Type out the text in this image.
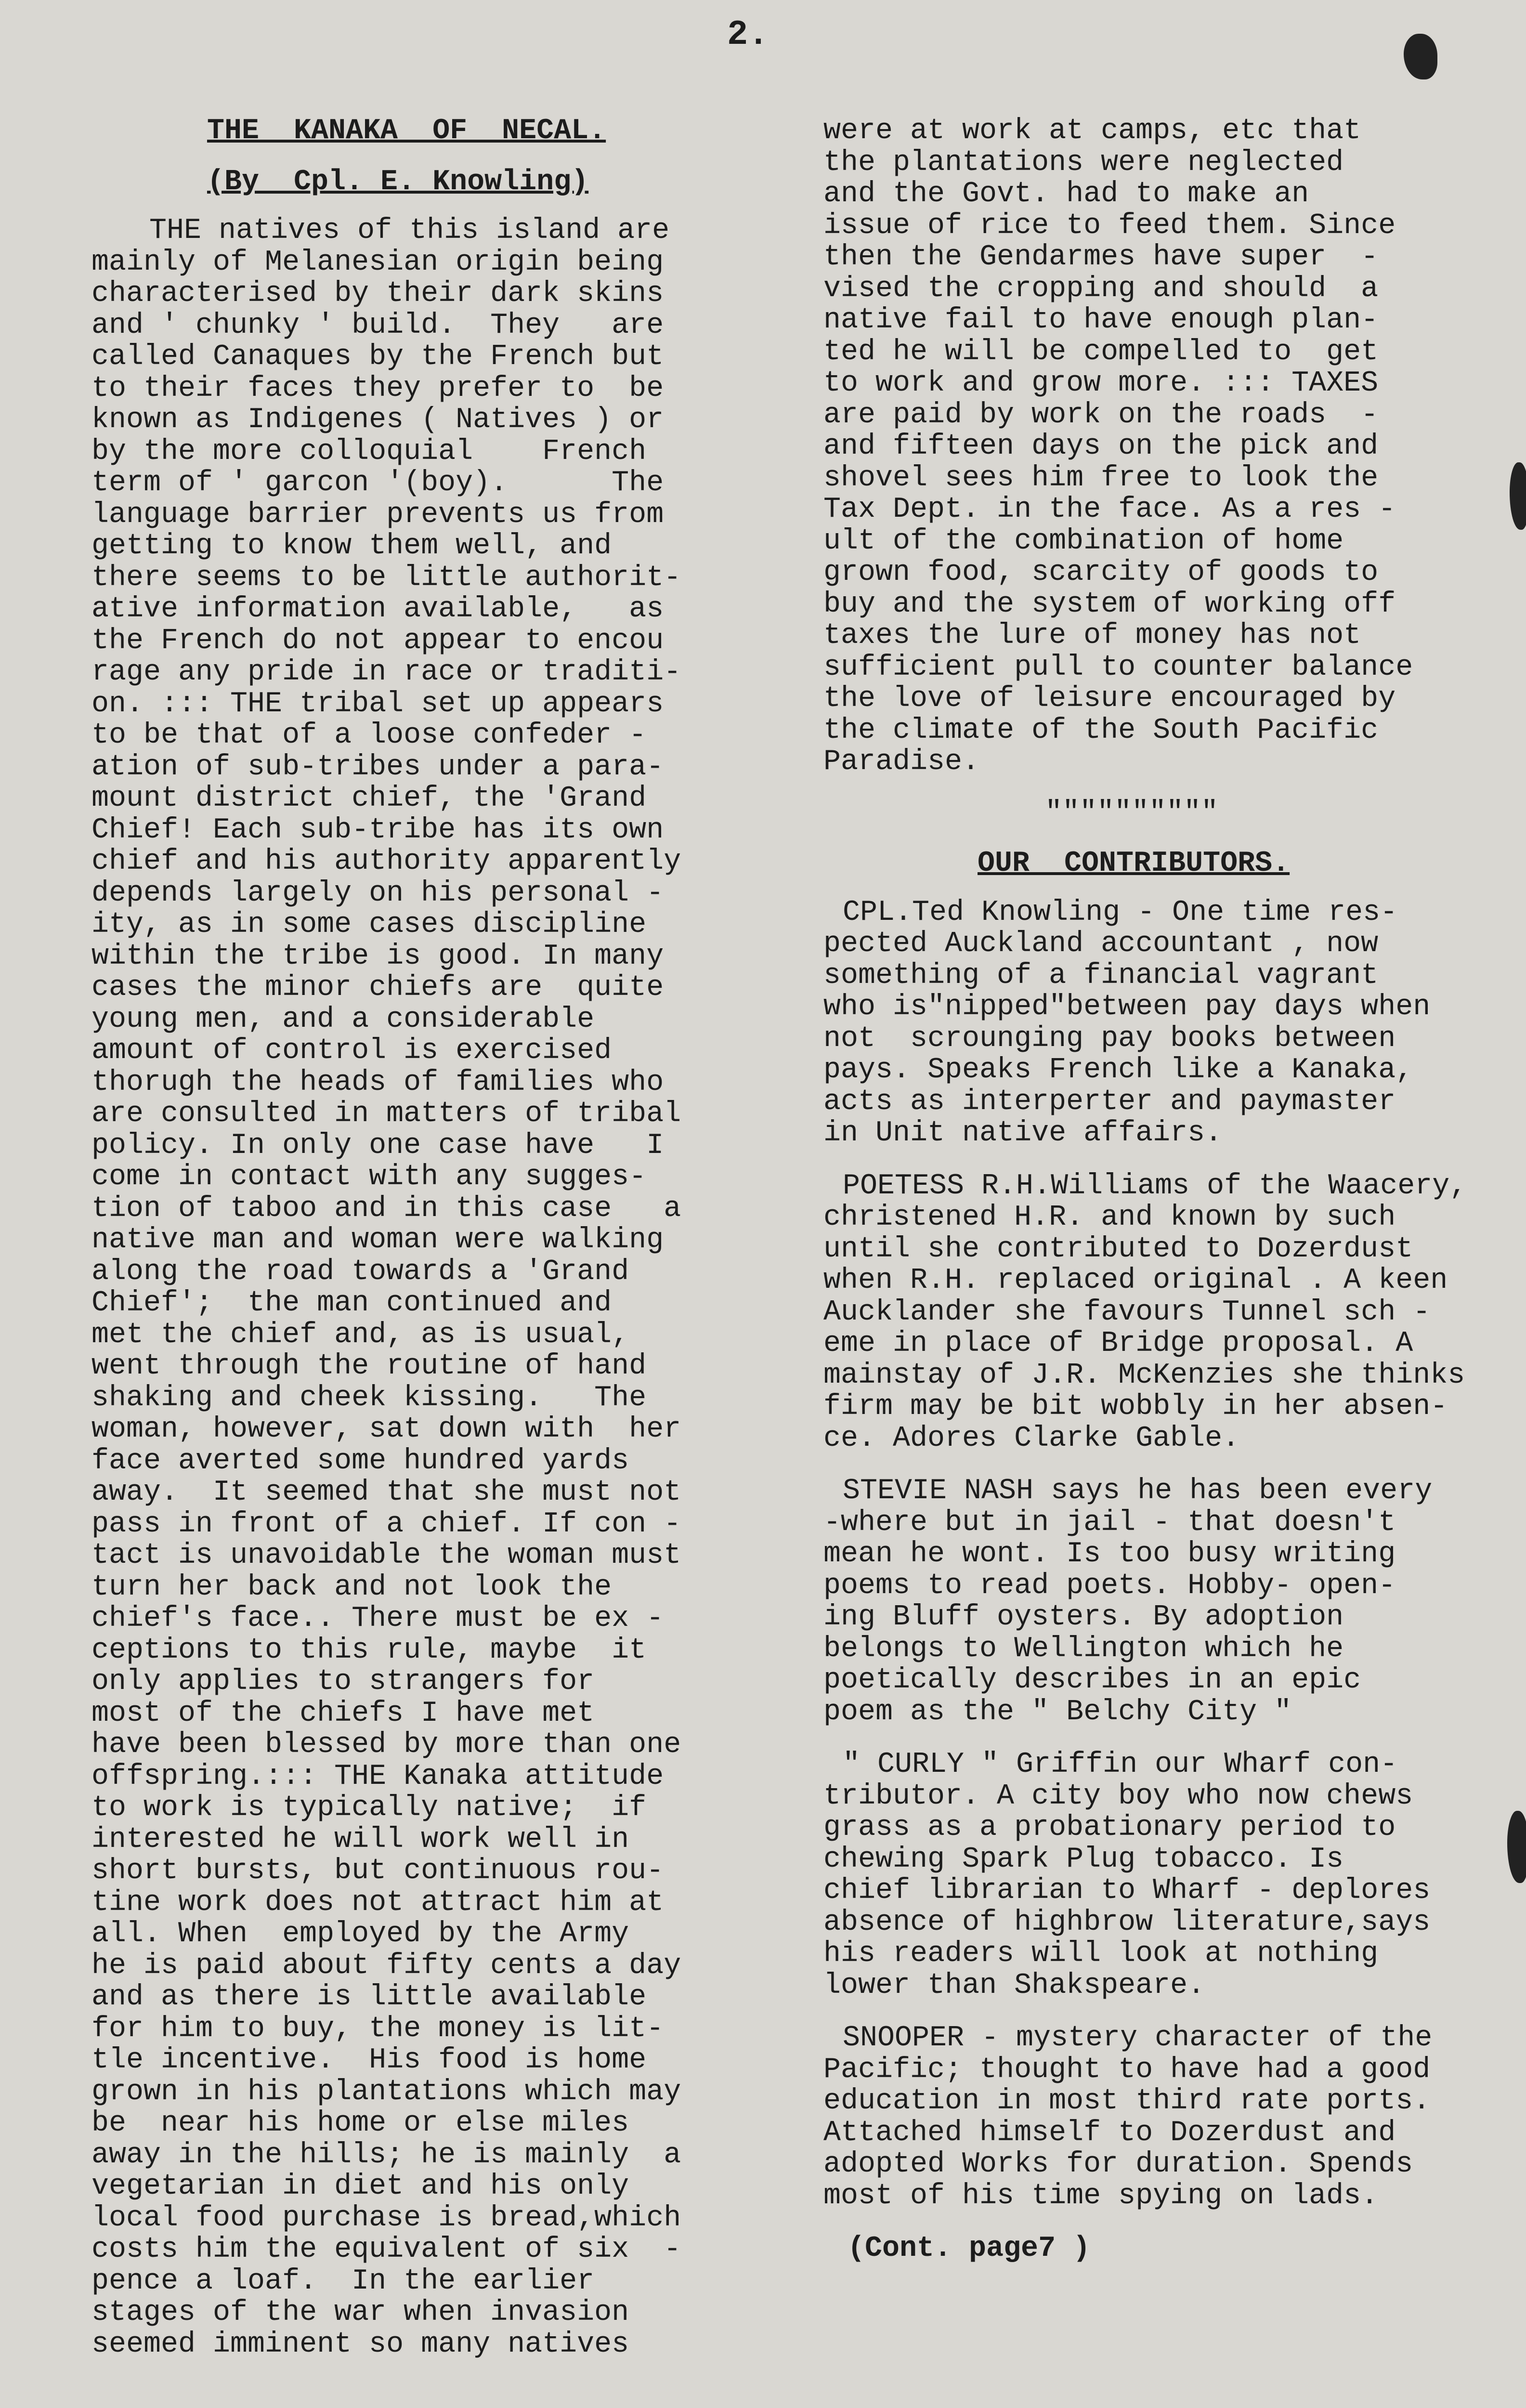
2.
THE  KANAKA  OF  NECAL.
(By  Cpl. E. Knowling)
THE natives of this island are
mainly of Melanesian origin being
characterised by their dark skins
and ' chunky ' build.  They   are
called Canaques by the French but
to their faces they prefer to  be
known as Indigenes ( Natives ) or
by the more colloquial    French
term of ' garcon '(boy).      The
language barrier prevents us from
getting to know them well, and
there seems to be little authorit-
ative information available,   as
the French do not appear to encou
rage any pride in race or traditi-
on. ::: THE tribal set up appears
to be that of a loose confeder -
ation of sub-tribes under a para-
mount district chief, the 'Grand
Chief! Each sub-tribe has its own
chief and his authority apparently
depends largely on his personal -
ity, as in some cases discipline
within the tribe is good. In many
cases the minor chiefs are  quite
young men, and a considerable
amount of control is exercised
thorugh the heads of families who
are consulted in matters of tribal
policy. In only one case have   I
come in contact with any sugges-
tion of taboo and in this case   a
native man and woman were walking
along the road towards a 'Grand
Chief';  the man continued and
met the chief and, as is usual,
went through the routine of hand
shaking and cheek kissing.   The
woman, however, sat down with  her
face averted some hundred yards
away.  It seemed that she must not
pass in front of a chief. If con -
tact is unavoidable the woman must
turn her back and not look the
chief's face.. There must be ex -
ceptions to this rule, maybe  it
only applies to strangers for
most of the chiefs I have met
have been blessed by more than one
offspring.::: THE Kanaka attitude
to work is typically native;  if
interested he will work well in
short bursts, but continuous rou-
tine work does not attract him at
all. When  employed by the Army
he is paid about fifty cents a day
and as there is little available
for him to buy, the money is lit-
tle incentive.  His food is home
grown in his plantations which may
be  near his home or else miles
away in the hills; he is mainly  a
vegetarian in diet and his only
local food purchase is bread,which
costs him the equivalent of six  -
pence a loaf.  In the earlier
stages of the war when invasion
seemed imminent so many natives
were at work at camps, etc that
the plantations were neglected
and the Govt. had to make an
issue of rice to feed them. Since
then the Gendarmes have super  -
vised the cropping and should  a
native fail to have enough plan-
ted he will be compelled to  get
to work and grow more. ::: TAXES
are paid by work on the roads  -
and fifteen days on the pick and
shovel sees him free to look the
Tax Dept. in the face. As a res -
ult of the combination of home
grown food, scarcity of goods to
buy and the system of working off
taxes the lure of money has not
sufficient pull to counter balance
the love of leisure encouraged by
the climate of the South Pacific
Paradise.
""""""""""
OUR  CONTRIBUTORS.
CPL.Ted Knowling - One time res-
pected Auckland accountant , now
something of a financial vagrant
who is"nipped"between pay days when
not  scrounging pay books between
pays. Speaks French like a Kanaka,
acts as interperter and paymaster
in Unit native affairs.
POETESS R.H.Williams of the Waacery,
christened H.R. and known by such
until she contributed to Dozerdust
when R.H. replaced original . A keen
Aucklander she favours Tunnel sch -
eme in place of Bridge proposal. A
mainstay of J.R. McKenzies she thinks
firm may be bit wobbly in her absen-
ce. Adores Clarke Gable.
STEVIE NASH says he has been every
-where but in jail - that doesn't
mean he wont. Is too busy writing
poems to read poets. Hobby- open-
ing Bluff oysters. By adoption
belongs to Wellington which he
poetically describes in an epic
poem as the " Belchy City "
" CURLY " Griffin our Wharf con-
tributor. A city boy who now chews
grass as a probationary period to
chewing Spark Plug tobacco. Is
chief librarian to Wharf - deplores
absence of highbrow literature,says
his readers will look at nothing
lower than Shakspeare.
SNOOPER - mystery character of the
Pacific; thought to have had a good
education in most third rate ports.
Attached himself to Dozerdust and
adopted Works for duration. Spends
most of his time spying on lads.
(Cont. page7 )
